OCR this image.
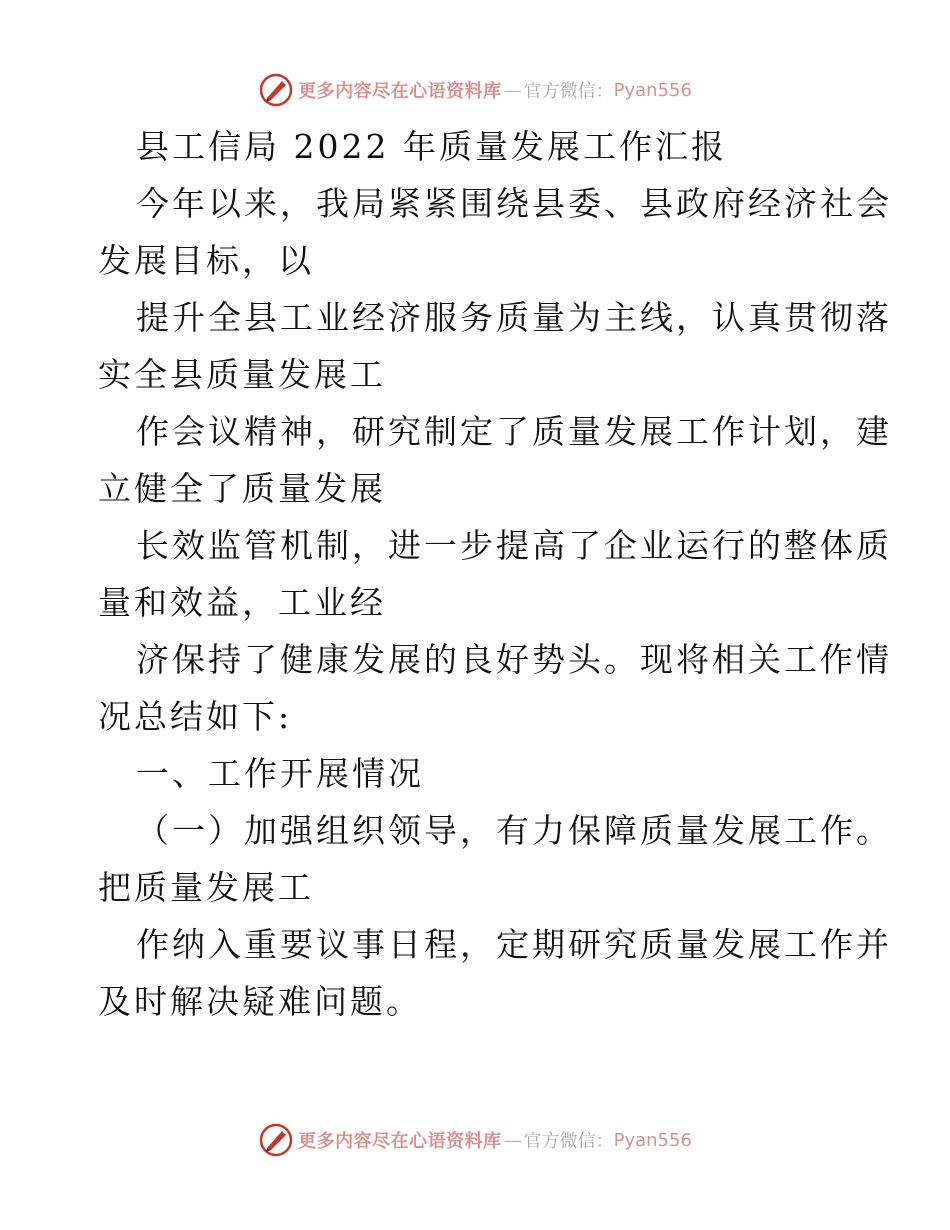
更多内容尽在心语资料库 — 官方微信： Pyan556
县工信局 2022 年质量发展工作汇报
今年以来，我局紧紧围绕县委、县政府经济社会
发展目标，以
提升全县工业经济服务质量为主线，认真贯彻落
实全县质量发展工
作会议精神，研究制定了质量发展工作计划，建
立健全了质量发展
长效监管机制，进一步提高了企业运行的整体质
量和效益，工业经
济保持了健康发展的良好势头。现将相关工作情
况总结如下:
一、工作开展情况
（一）加强组织领导，有力保障质量发展工作。
把质量发展工
作纳入重要议事日程，定期研究质量发展工作并
及时解决疑难问题。
更多内容尽在心语资料库 — 官方微信： Pyan556
